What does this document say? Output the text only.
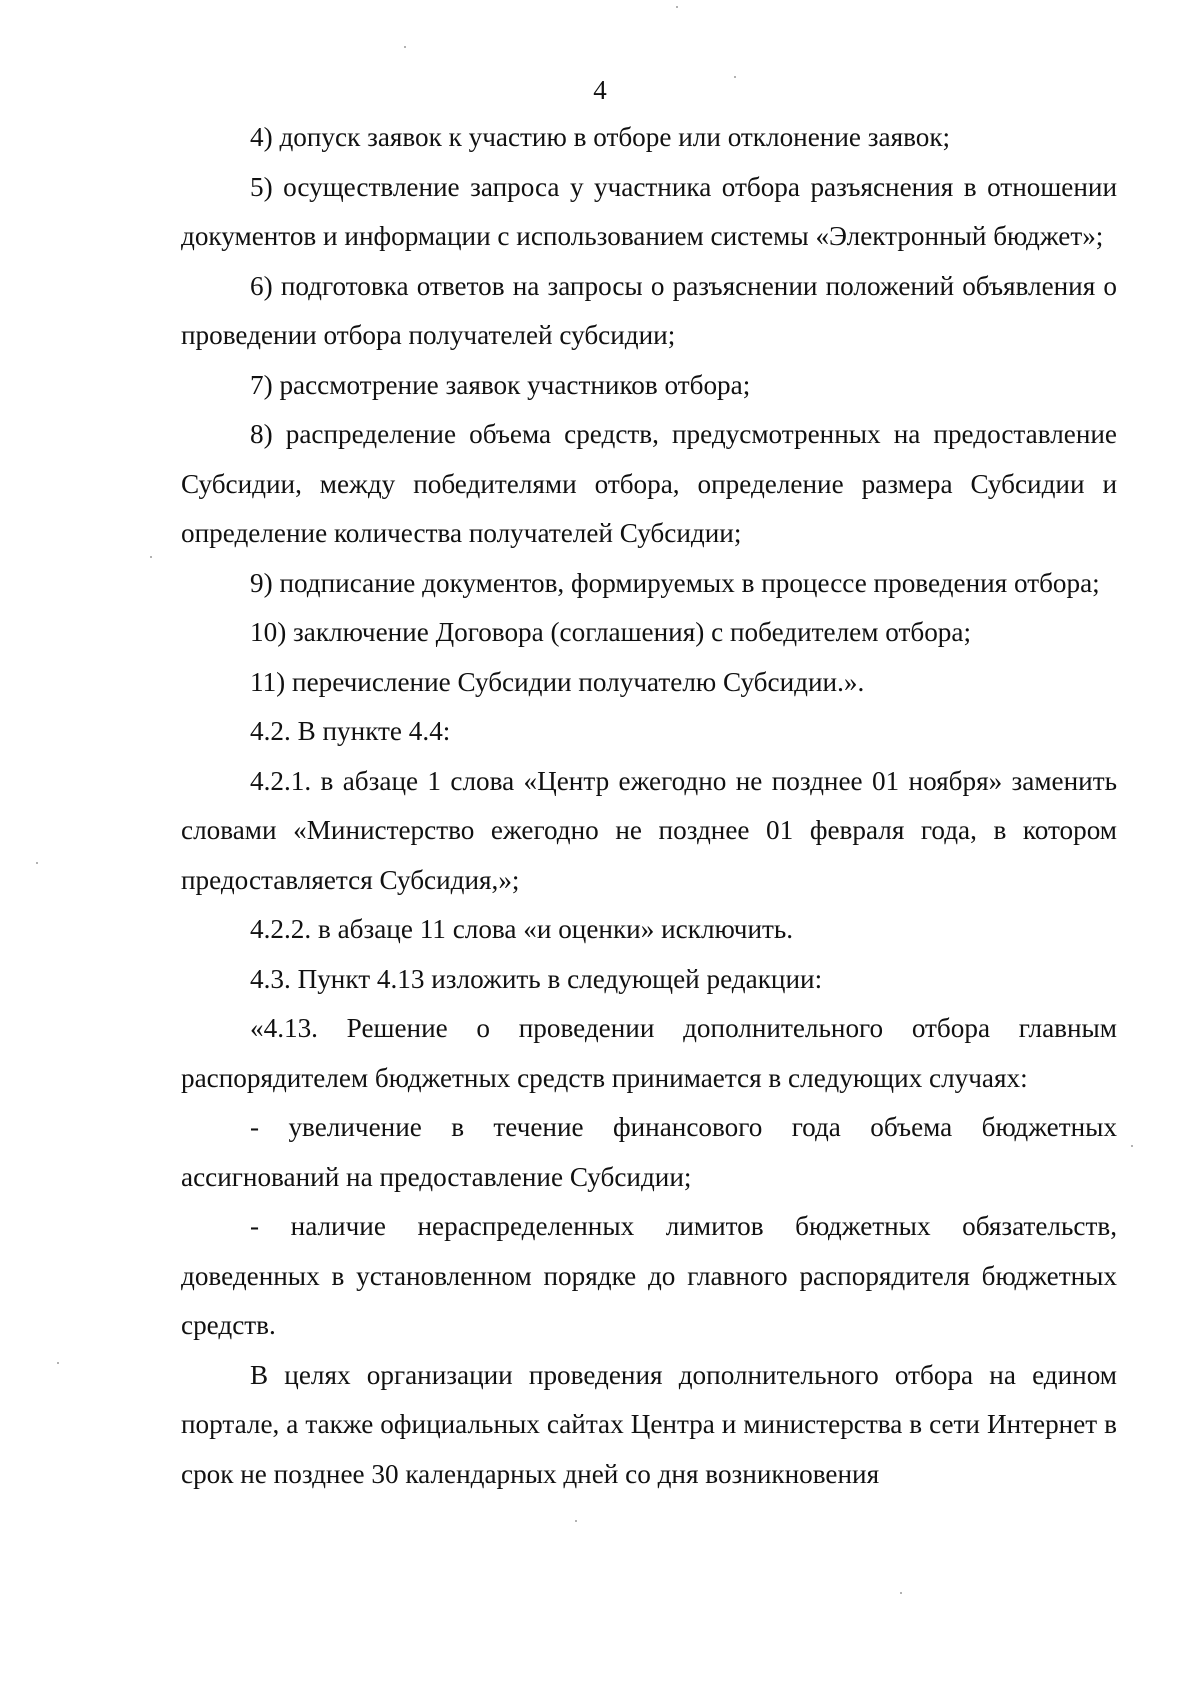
4

4) допуск заявок к участию в отборе или отклонение заявок;

5) осуществление запроса у участника отбора разъяснения в отношении документов и информации с использованием системы «Электронный бюджет»;

6) подготовка ответов на запросы о разъяснении положений объявления о проведении отбора получателей субсидии;

7) рассмотрение заявок участников отбора;

8) распределение объема средств, предусмотренных на предоставление Субсидии, между победителями отбора, определение размера Субсидии и определение количества получателей Субсидии;

9) подписание документов, формируемых в процессе проведения отбора;

10) заключение Договора (соглашения) с победителем отбора;

11) перечисление Субсидии получателю Субсидии.».

4.2. В пункте 4.4:

4.2.1. в абзаце 1 слова «Центр ежегодно не позднее 01 ноября» заменить словами «Министерство ежегодно не позднее 01 февраля года, в котором предоставляется Субсидия,»;

4.2.2. в абзаце 11 слова «и оценки» исключить.

4.3. Пункт 4.13 изложить в следующей редакции:

«4.13. Решение о проведении дополнительного отбора главным распорядителем бюджетных средств принимается в следующих случаях:

- увеличение в течение финансового года объема бюджетных ассигнований на предоставление Субсидии;

- наличие нераспределенных лимитов бюджетных обязательств, доведенных в установленном порядке до главного распорядителя бюджетных средств.

В целях организации проведения дополнительного отбора на едином портале, а также официальных сайтах Центра и министерства в сети Интернет в срок не позднее 30 календарных дней со дня возникновения
